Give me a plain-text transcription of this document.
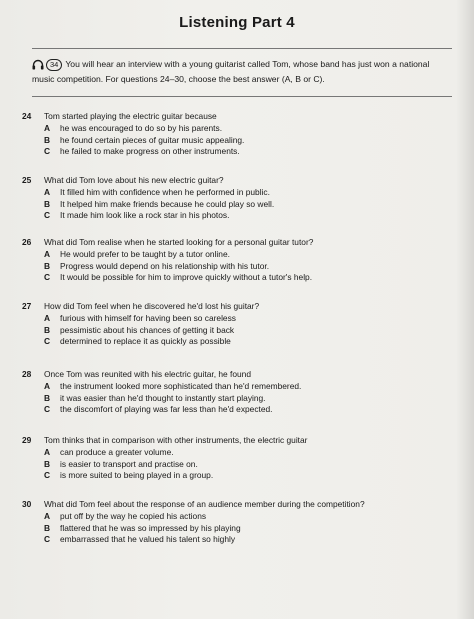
Listening Part 4
34 You will hear an interview with a young guitarist called Tom, whose band has just won a national music competition. For questions 24–30, choose the best answer (A, B or C).
24	Tom started playing the electric guitar because
A	he was encouraged to do so by his parents.
B	he found certain pieces of guitar music appealing.
C	he failed to make progress on other instruments.
25	What did Tom love about his new electric guitar?
A	It filled him with confidence when he performed in public.
B	It helped him make friends because he could play so well.
C	It made him look like a rock star in his photos.
26	What did Tom realise when he started looking for a personal guitar tutor?
A	He would prefer to be taught by a tutor online.
B	Progress would depend on his relationship with his tutor.
C	It would be possible for him to improve quickly without a tutor's help.
27	How did Tom feel when he discovered he'd lost his guitar?
A	furious with himself for having been so careless
B	pessimistic about his chances of getting it back
C	determined to replace it as quickly as possible
28	Once Tom was reunited with his electric guitar, he found
A	the instrument looked more sophisticated than he'd remembered.
B	it was easier than he'd thought to instantly start playing.
C	the discomfort of playing was far less than he'd expected.
29	Tom thinks that in comparison with other instruments, the electric guitar
A	can produce a greater volume.
B	is easier to transport and practise on.
C	is more suited to being played in a group.
30	What did Tom feel about the response of an audience member during the competition?
A	put off by the way he copied his actions
B	flattered that he was so impressed by his playing
C	embarrassed that he valued his talent so highly
